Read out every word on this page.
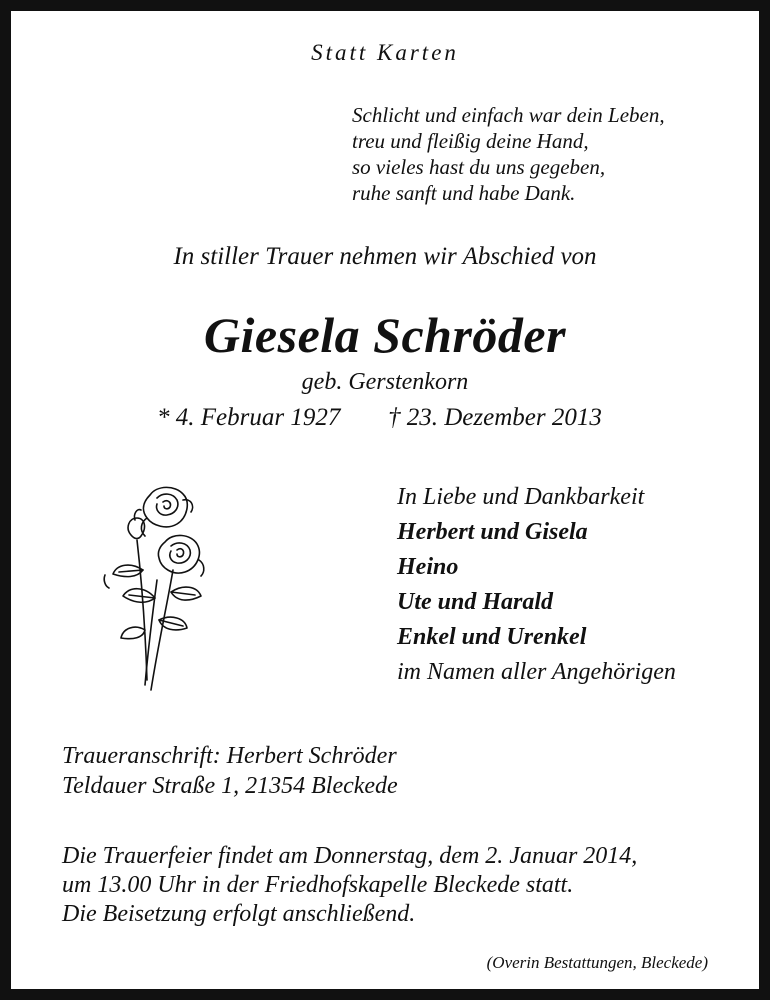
Statt Karten
Schlicht und einfach war dein Leben,
treu und fleißig deine Hand,
so vieles hast du uns gegeben,
ruhe sanft und habe Dank.
In stiller Trauer nehmen wir Abschied von
Giesela Schröder
geb. Gerstenkorn
* 4. Februar 1927 † 23. Dezember 2013
In Liebe und Dankbarkeit
Herbert und Gisela
Heino
Ute und Harald
Enkel und Urenkel
im Namen aller Angehörigen
Traueranschrift: Herbert Schröder
Teldauer Straße 1, 21354 Bleckede
Die Trauerfeier findet am Donnerstag, dem 2. Januar 2014,
um 13.00 Uhr in der Friedhofskapelle Bleckede statt.
Die Beisetzung erfolgt anschließend.
(Overin Bestattungen, Bleckede)
